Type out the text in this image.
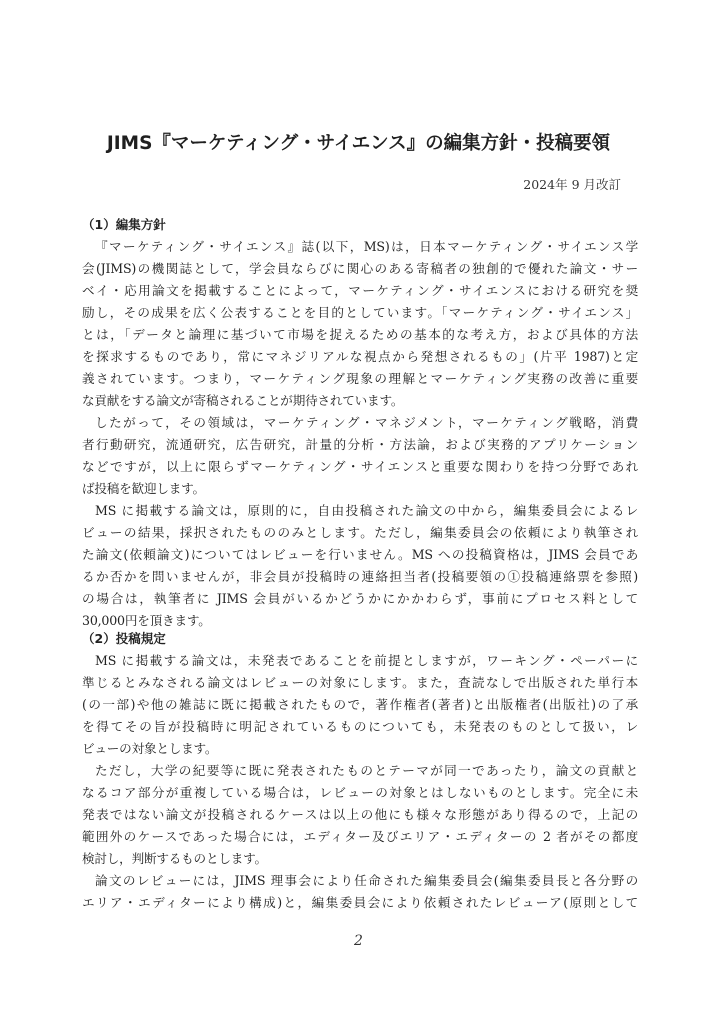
JIMS『マーケティング・サイエンス』の編集方針・投稿要領
2024年 9 月改訂
（1）編集方針
『マーケティング・サイエンス』誌(以下，MS)は，日本マーケティング・サイエンス学
会(JIMS)の機関誌として，学会員ならびに関心のある寄稿者の独創的で優れた論文・サー
ベイ・応用論文を掲載することによって，マーケティング・サイエンスにおける研究を奨
励し，その成果を広く公表することを目的としています。「マーケティング・サイエンス」
とは，「データと論理に基づいて市場を捉えるための基本的な考え方，および具体的方法
を探求するものであり，常にマネジリアルな視点から発想されるもの」(片平 1987)と定
義されています。つまり，マーケティング現象の理解とマーケティング実務の改善に重要
な貢献をする論文が寄稿されることが期待されています。
したがって，その領域は，マーケティング・マネジメント，マーケティング戦略，消費
者行動研究，流通研究，広告研究，計量的分析・方法論，および実務的アプリケーション
などですが，以上に限らずマーケティング・サイエンスと重要な関わりを持つ分野であれ
ば投稿を歓迎します。
MS に掲載する論文は，原則的に，自由投稿された論文の中から，編集委員会によるレ
ビューの結果，採択されたもののみとします。ただし，編集委員会の依頼により執筆され
た論文(依頼論文)についてはレビューを行いません。MS への投稿資格は，JIMS 会員であ
るか否かを問いませんが，非会員が投稿時の連絡担当者(投稿要領の①投稿連絡票を参照)
の場合は，執筆者に JIMS 会員がいるかどうかにかかわらず，事前にプロセス料として
30,000円を頂きます。
（2）投稿規定
MS に掲載する論文は，未発表であることを前提としますが，ワーキング・ペーパーに
準じるとみなされる論文はレビューの対象にします。また，査読なしで出版された単行本
(の一部)や他の雑誌に既に掲載されたもので，著作権者(著者)と出版権者(出版社)の了承
を得てその旨が投稿時に明記されているものについても，未発表のものとして扱い，レ
ビューの対象とします。
ただし，大学の紀要等に既に発表されたものとテーマが同一であったり，論文の貢献と
なるコア部分が重複している場合は，レビューの対象とはしないものとします。完全に未
発表ではない論文が投稿されるケースは以上の他にも様々な形態があり得るので，上記の
範囲外のケースであった場合には，エディター及びエリア・エディターの 2 者がその都度
検討し，判断するものとします。
論文のレビューには，JIMS 理事会により任命された編集委員会(編集委員長と各分野の
エリア・エディターにより構成)と，編集委員会により依頼されたレビューア(原則として
2
